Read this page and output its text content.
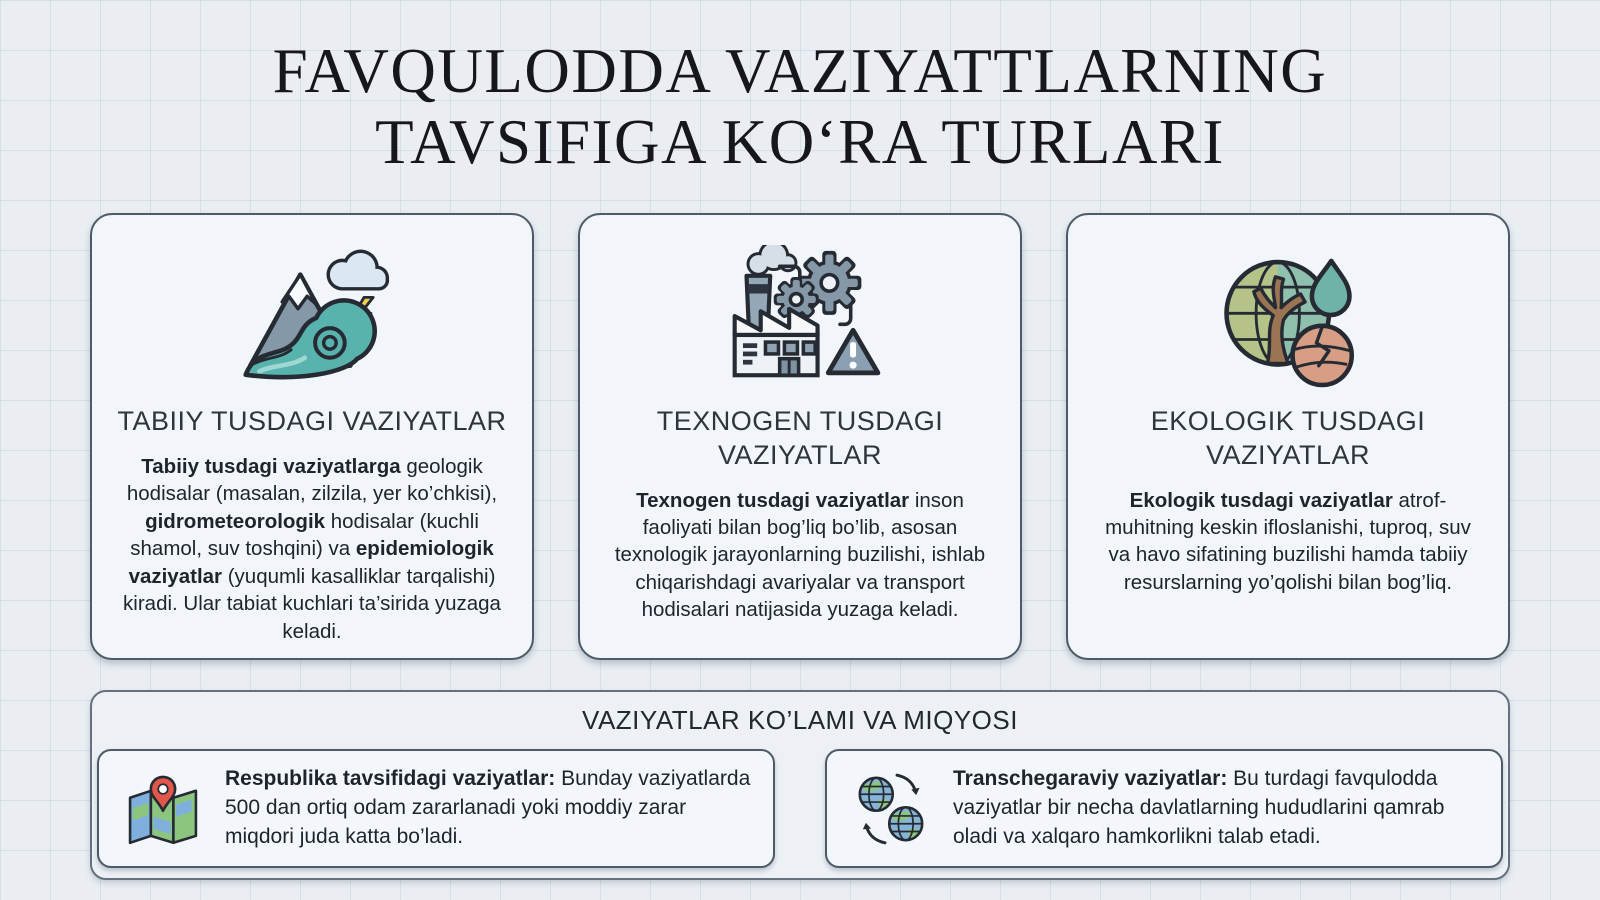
FAVQULODDA VAZIYATTLARNING
TAVSIFIGA KO‘RA TURLARI
TABIIY TUSDAGI VAZIYATLAR

Tabiiy tusdagi vaziyatlarga geologik hodisalar (masalan, zilzila, yer ko’chkisi), gidrometeorologik hodisalar (kuchli shamol, suv toshqini) va epidemiologik vaziyatlar (yuqumli kasalliklar tarqalishi) kiradi. Ular tabiat kuchlari ta’sirida yuzaga keladi.

TEXNOGEN TUSDAGI VAZIYATLAR

Texnogen tusdagi vaziyatlar inson faoliyati bilan bog’liq bo’lib, asosan texnologik jarayonlarning buzilishi, ishlab chiqarishdagi avariyalar va transport hodisalari natijasida yuzaga keladi.

EKOLOGIK TUSDAGI VAZIYATLAR

Ekologik tusdagi vaziyatlar atrof-muhitning keskin ifloslanishi, tuproq, suv va havo sifatining buzilishi hamda tabiiy resurslarning yo’qolishi bilan bog’liq.

VAZIYATLAR KO’LAMI VA MIQYOSI

Respublika tavsifidagi vaziyatlar: Bunday vaziyatlarda 500 dan ortiq odam zararlanadi yoki moddiy zarar miqdori juda katta bo’ladi.

Transchegaraviy vaziyatlar: Bu turdagi favqulodda vaziyatlar bir necha davlatlarning hududlarini qamrab oladi va xalqaro hamkorlikni talab etadi.
